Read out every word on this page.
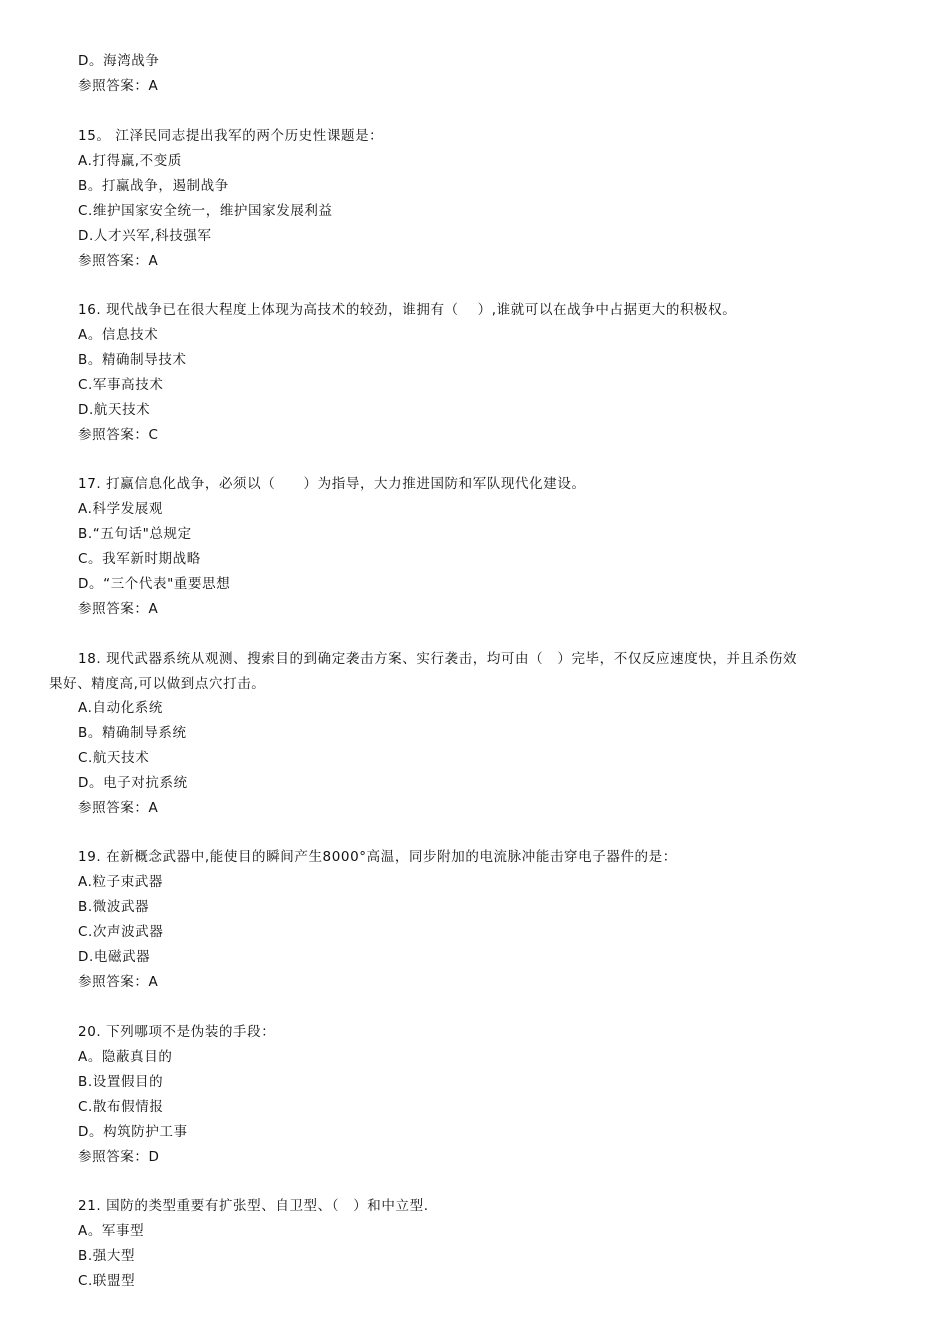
D。海湾战争
参照答案：A
15。 江泽民同志提出我军的两个历史性课题是：
A.打得赢,不变质
B。打赢战争，遏制战争
C.维护国家安全统一，维护国家发展利益
D.人才兴军,科技强军
参照答案：A
16. 现代战争已在很大程度上体现为高技术的较劲，谁拥有（　 ）,谁就可以在战争中占据更大的积极权。
A。信息技术
B。精确制导技术
C.军事高技术
D.航天技术
参照答案：C
17. 打赢信息化战争，必须以（　　）为指导，大力推进国防和军队现代化建设。
A.科学发展观
B.“五句话"总规定
C。我军新时期战略
D。“三个代表"重要思想
参照答案：A
18. 现代武器系统从观测、搜索目的到确定袭击方案、实行袭击，均可由（　）完毕，不仅反应速度快，并且杀伤效
果好、精度高,可以做到点穴打击。
A.自动化系统
B。精确制导系统
C.航天技术
D。电子对抗系统
参照答案：A
19. 在新概念武器中,能使目的瞬间产生8000°高温，同步附加的电流脉冲能击穿电子器件的是：
A.粒子束武器
B.微波武器
C.次声波武器
D.电磁武器
参照答案：A
20. 下列哪项不是伪装的手段：
A。隐蔽真目的
B.设置假目的
C.散布假情报
D。构筑防护工事
参照答案：D
21. 国防的类型重要有扩张型、自卫型、（　）和中立型.
A。军事型
B.强大型
C.联盟型
